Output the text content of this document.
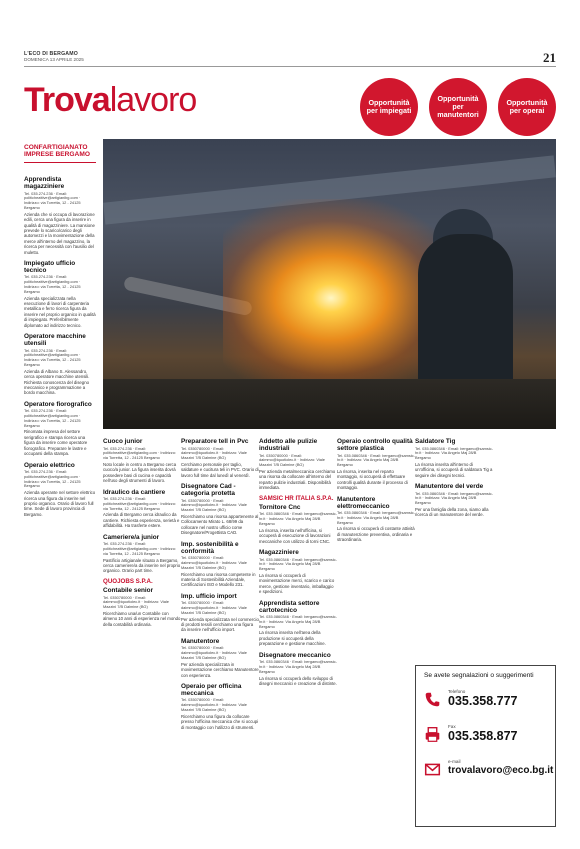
L'ECO DI BERGAMO
DOMENICA 13 APRILE 2025	21
Trovalavoro	Opportunità per impiegati
Opportunità per manutentori
Opportunità per operai
CONFARTIGIANATO IMPRESE BERGAMO
Apprendista magazziniere
Tel. 035.274.236 · Email: politicheattive@artigianibg.com · Indirizzo: via Torretta, 12 - 24125 Bergamo
Azienda che si occupa di lavorazione edili, cerca una figura da inserire in qualità di magazziniere. La mansione prevede lo scarico/carico degli automezzi e la movimentazione della merce all'interno del magazzino, la ricerca per necessità con l'ausilio del muletto.
Impiegato ufficio tecnico
Tel. 035.274.236 · Email: politicheattive@artigianibg.com · Indirizzo: via Torretta, 12 - 24125 Bergamo
Azienda specializzata nella esecuzione di lavori di carpenteria metallica e ferro ricerca figura da inserire nel proprio organico in qualità di impiegato. Preferibilmente diplomato ad indirizzo tecnico.
Operatore macchine utensili
Tel. 035.274.236 · Email: politicheattive@artigianibg.com · Indirizzo: via Torretta, 12 - 24125 Bergamo
Azienda di Albano S. Alessandro, cerca operatore macchine utensili. Richiesta conoscenza del disegno meccanico e programmazione a bordo macchina.
Operatore fiorografico
Tel. 035.274.236 · Email: politicheattive@artigianibg.com · Indirizzo: via Torretta, 12 - 24125 Bergamo
Rinomata impresa del settore serigrafico e stampa ricerca una figura da inserire come operatore fiorografico. Preparare le lastre e occuparsi della stampa.
Operaio elettrico
Tel. 035.274.236 · Email: politicheattive@artigianibg.com · Indirizzo: via Torretta, 12 - 24125 Bergamo
Azienda operante nel settore elettrico ricerca una figura da inserire nel proprio organico. Orario di lavoro full time. Sede di lavoro provincia di Bergamo.
Cuoco junior
Tel. 035.274.236 · Email: politicheattive@artigianibg.com · Indirizzo: via Torretta, 12 - 24125 Bergamo
Noto locale in centro a Bergamo cerca cuoco/a junior. La figura inserita dovrà possedere basi di cucina e capacità nell'uso degli strumenti di lavoro.
Idraulico da cantiere
Tel. 035.274.236 · Email: politicheattive@artigianibg.com · Indirizzo: via Torretta, 12 - 24125 Bergamo
Azienda di Bergamo cerca idraulico da cantiere. Richiesta esperienza, serietà e affidabilità. Ha trasferte estere.
Cameriere/a junior
Tel. 035.274.236 · Email: politicheattive@artigianibg.com · Indirizzo: via Torretta, 12 - 24125 Bergamo
Pastificio artigianale situato a Bergamo, cerca cameriere/a da inserire nel proprio organico. Orario part time.
QUOJOBS S.P.A.
Contabile senior
Tel. 0350780000 · Email: daimmo@iquotiolec.it · Indirizzo: Viale Mazzini 7/B Dalmine (BG)
Ricerchiamo una/un Contabile con almeno 10 anni di esperienza nel mondo della contabilità ordinaria.
Preparatore tell in Pvc
Tel. 0350780000 · Email: daimmo@iquotiolec.it · Indirizzo: Viale Mazzini 7/B Dalmine (BG)
Cerchiamo personale per taglio, saldature e cucitura teli in PVC. Orario di lavoro full time dal lunedì al venerdì.
Disegnatore Cad - categoria protetta
Tel. 0350780000 · Email: daimmo@iquotiolec.it · Indirizzo: Viale Mazzini 7/B Dalmine (BG)
Ricerchiamo una risorsa appartenente al Collocamento Mirato L. 68/99 da collocare nel nostro ufficio come Disegnatore/Progettista CAD.
Imp. sostenibilità e conformità
Tel. 0350780000 · Email: daimmo@iquotiolec.it · Indirizzo: Viale Mazzini 7/B Dalmine (BG)
Ricerchiamo una risorsa competente in materia di Sostenibilità Aziendale, Certificazioni ISO e Modello 231.
Imp. ufficio import
Tel. 0350780000 · Email: daimmo@iquotiolec.it · Indirizzo: Viale Mazzini 7/B Dalmine (BG)
Per azienda specializzata nel commercio di prodotti tessili cerchiamo una figura da inserire nell'ufficio import.
Manutentore
Tel. 0350780000 · Email: daimmo@iquotiolec.it · Indirizzo: Viale Mazzini 7/B Dalmine (BG)
Per azienda specializzata in movimentazione cerchiamo Manutentore con esperienza.
Operaio per officina meccanica
Tel. 0350780000 · Email: daimmo@iquotiolec.it · Indirizzo: Viale Mazzini 7/B Dalmine (BG)
Ricerchiamo una figura da collocare presso l'officina meccanica che si occupi di montaggio con l'utilizzo di strumenti.
Addetto alle pulizie industriali
Tel. 0350780000 · Email: daimmo@iquotiolec.it · Indirizzo: Viale Mazzini 7/B Dalmine (BG)
Per azienda metalmeccanica cerchiamo una risorsa da collocare all'interno del reparto pulizie industriali. Disponibilità immediata.
SAMSIC HR ITALIA S.P.A.
Tornitore Cnc
Tel. 035.0860346 · Email: bergamo@samsic-hr.it · Indirizzo: Via Angelo Maj 28/B Bergamo
La risorsa, inserita nell'officina, si occuperà di esecuzione di lavorazioni meccaniche con utilizzo di torni CNC.
Magazziniere
Tel. 035.0860346 · Email: bergamo@samsic-hr.it · Indirizzo: Via Angelo Maj 28/B Bergamo
La risorsa si occuperà di movimentazione merci, scarico e carico merce, gestione inventario, imballaggio e spedizioni.
Apprendista settore cartotecnico
Tel. 035.0860346 · Email: bergamo@samsic-hr.it · Indirizzo: Via Angelo Maj 28/B Bergamo
La risorsa inserita nell'area della produzione si occuperà della preparazione e gestione macchine.
Disegnatore meccanico
Tel. 035.0860346 · Email: bergamo@samsic-hr.it · Indirizzo: Via Angelo Maj 28/B Bergamo
La risorsa si occuperà dello sviluppo di disegni meccanici e creazione di distinte.
Operaio controllo qualità settore plastica
Tel. 035.0860346 · Email: bergamo@samsic-hr.it · Indirizzo: Via Angelo Maj 28/B Bergamo
La risorsa, inserita nel reparto montaggio, si occuperà di effettuare controlli qualità durante il processo di montaggio.
Manutentore elettromeccanico
Tel. 035.0860346 · Email: bergamo@samsic-hr.it · Indirizzo: Via Angelo Maj 28/B Bergamo
La risorsa si occuperà di costante attività di manutenzione preventiva, ordinaria e straordinaria.
Saldatore Tig
Tel. 035.0860346 · Email: bergamo@samsic-hr.it · Indirizzo: Via Angelo Maj 28/B Bergamo
La risorsa inserita all'interno di un'officina, si occuperà di saldatura Tig a seguire dei disegni tecnici.
Manutentore del verde
Tel. 035.0860346 · Email: bergamo@samsic-hr.it · Indirizzo: Via Angelo Maj 28/B Bergamo
Per una famiglia della zona, siamo alla ricerca di un manutentore del verde.
Se avete segnalazioni o suggerimenti
Telefono
035.358.777
Fax
035.358.877
e-mail
trovalavoro@eco.bg.it
